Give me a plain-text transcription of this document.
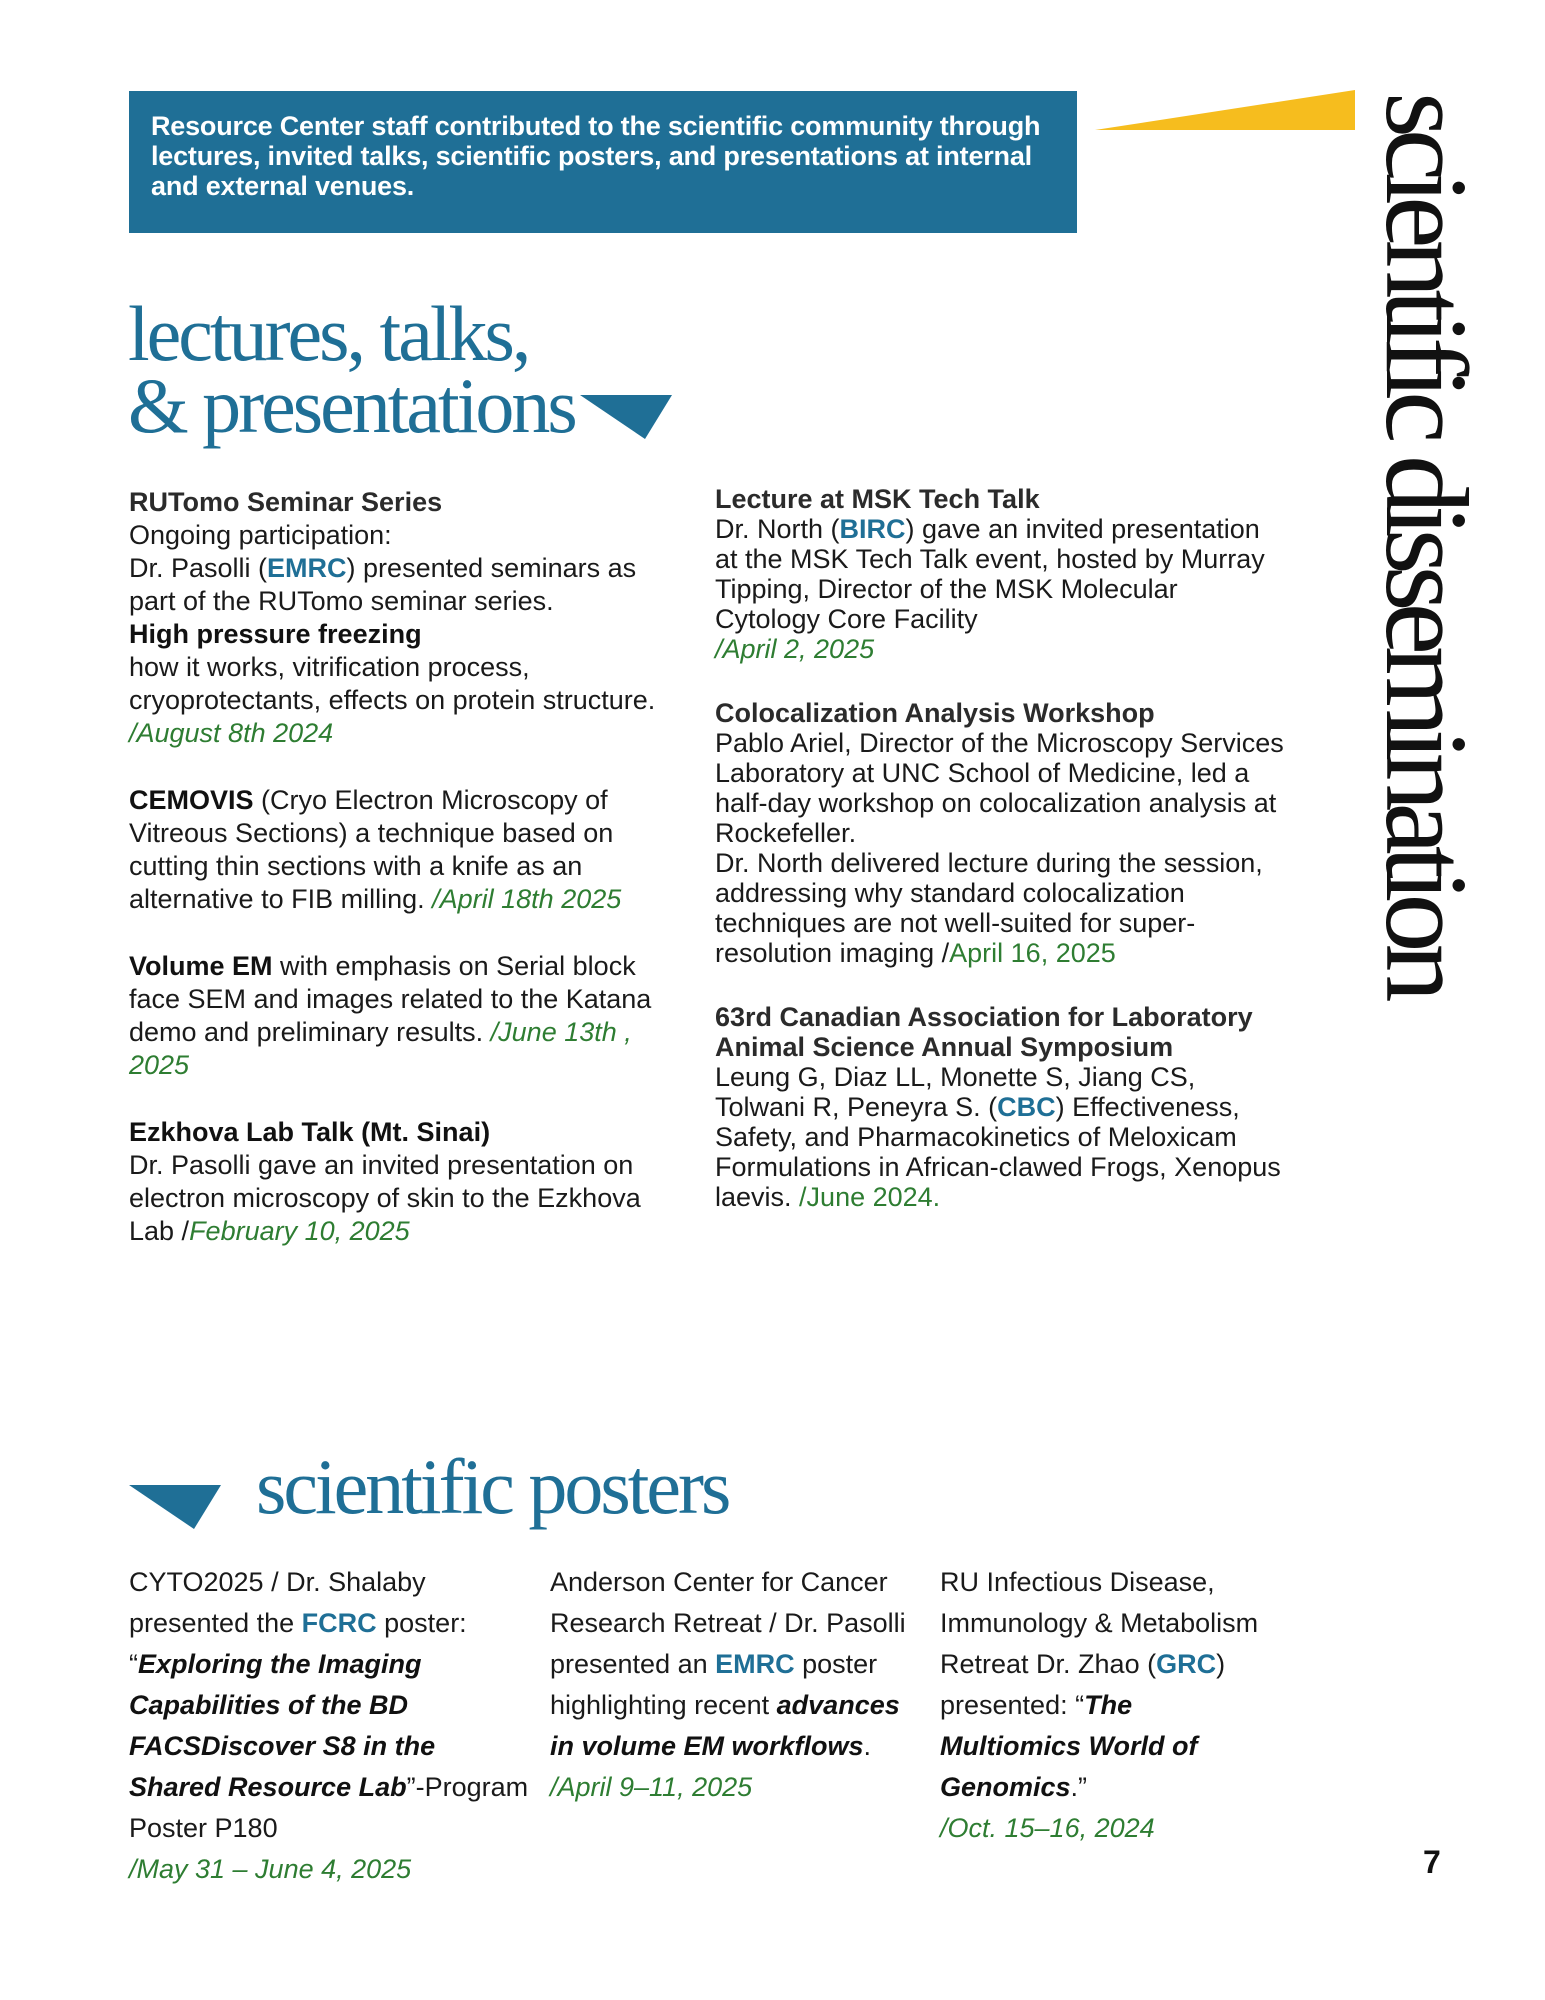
Resource Center staff contributed to the scientific community through lectures, invited talks, scientific posters, and presentations at internal and external venues.	scientific dissemination
lectures, talks,
& presentations
RUTomo Seminar Series
Ongoing participation:
Dr. Pasolli (EMRC) presented seminars as part of the RUTomo seminar series.
High pressure freezing
how it works, vitrification process, cryoprotectants, effects on protein structure. /August 8th 2024
CEMOVIS (Cryo Electron Microscopy of Vitreous Sections) a technique based on cutting thin sections with a knife as an alternative to FIB milling. /April 18th 2025
Volume EM with emphasis on Serial block face SEM and images related to the Katana demo and preliminary results. /June 13th , 2025
Ezkhova Lab Talk (Mt. Sinai)
Dr. Pasolli gave an invited presentation on electron microscopy of skin to the Ezkhova Lab /February 10, 2025
Lecture at MSK Tech Talk
Dr. North (BIRC) gave an invited presentation at the MSK Tech Talk event, hosted by Murray Tipping, Director of the MSK Molecular Cytology Core Facility
/April 2, 2025
Colocalization Analysis Workshop
Pablo Ariel, Director of the Microscopy Services Laboratory at UNC School of Medicine, led a half-day workshop on colocalization analysis at Rockefeller.
Dr. North delivered lecture during the session, addressing why standard colocalization techniques are not well-suited for super-resolution imaging /April 16, 2025
63rd Canadian Association for Laboratory Animal Science Annual Symposium
Leung G, Diaz LL, Monette S, Jiang CS, Tolwani R, Peneyra S. (CBC) Effectiveness, Safety, and Pharmacokinetics of Meloxicam Formulations in African-clawed Frogs, Xenopus laevis. /June 2024.
scientific posters
CYTO2025 / Dr. Shalaby presented the FCRC poster: “Exploring the Imaging Capabilities of the BD FACSDiscover S8 in the Shared Resource Lab”-Program Poster P180
/May 31 – June 4, 2025
Anderson Center for Cancer Research Retreat / Dr. Pasolli presented an EMRC poster highlighting recent advances in volume EM workflows.
/April 9–11, 2025
RU Infectious Disease, Immunology & Metabolism Retreat Dr. Zhao (GRC) presented: “The Multiomics World of Genomics.”
/Oct. 15–16, 2024
7
